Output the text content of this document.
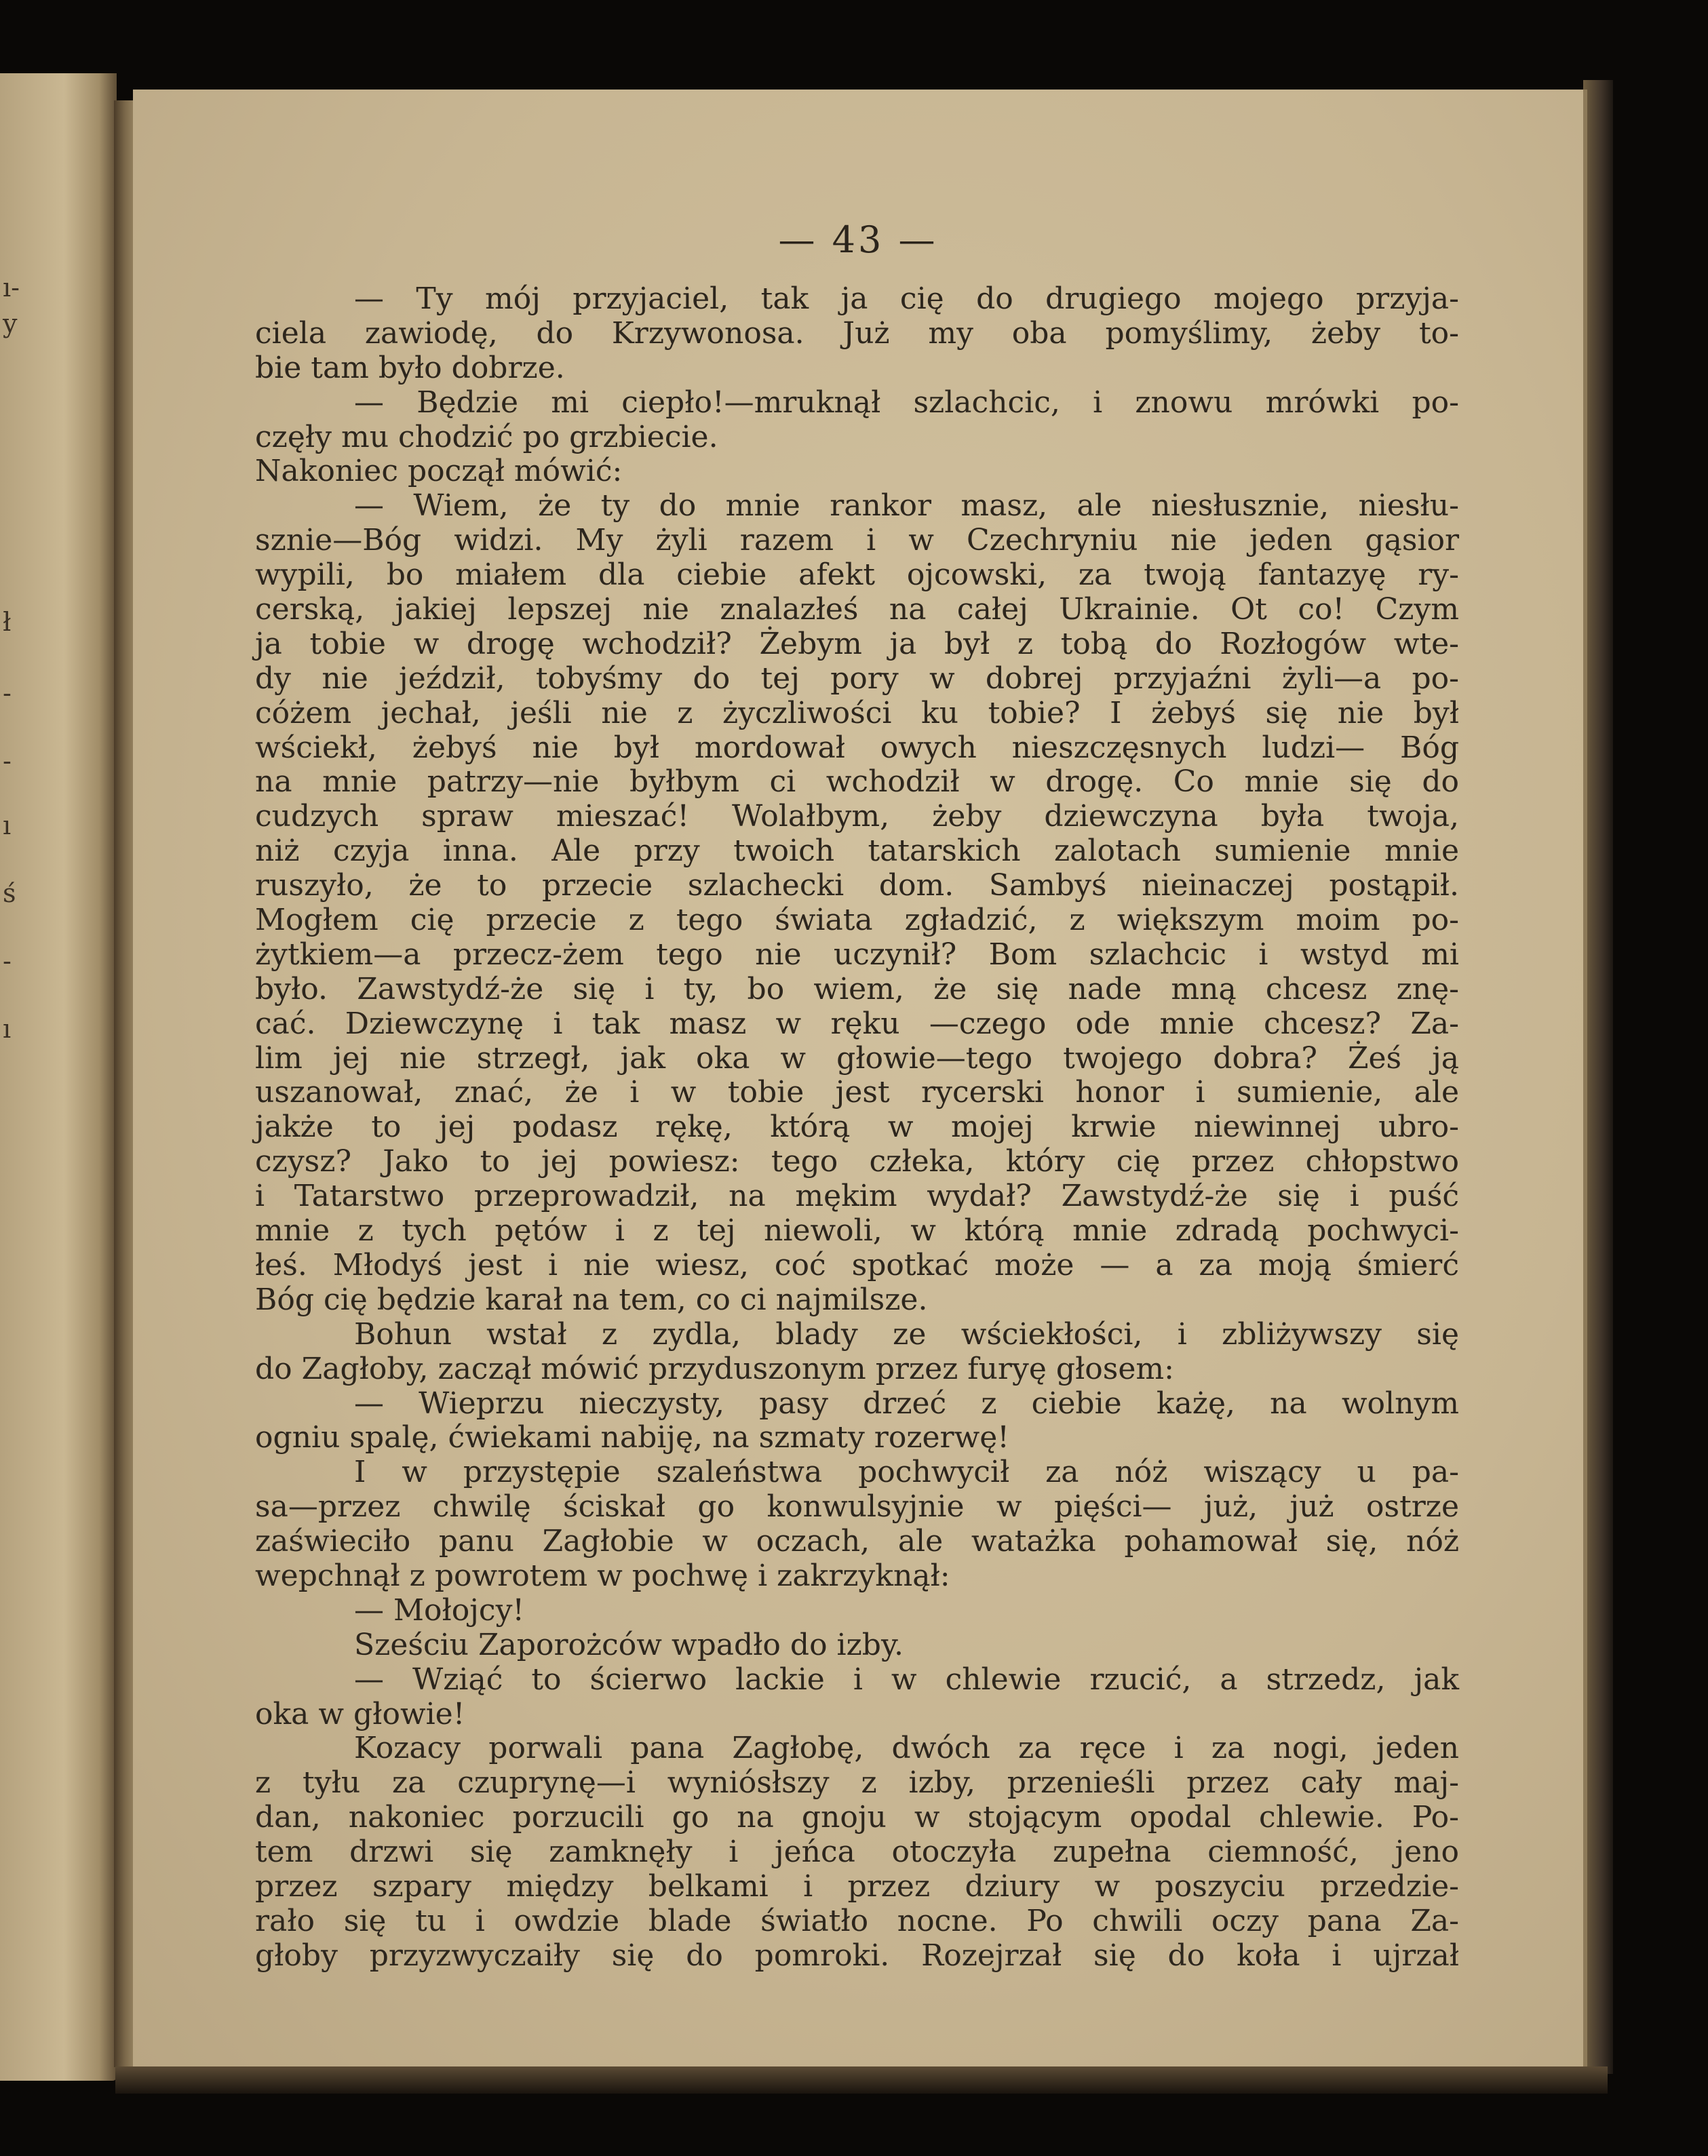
ı-
y
ł
-
-
ı
ś
-
ı
— 43 —
— Ty mój przyjaciel, tak ja cię do drugiego mojego przyja-
ciela zawiodę, do Krzywonosa. Już my oba pomyślimy, żeby to-
bie tam było dobrze.
— Będzie mi ciepło!—mruknął szlachcic, i znowu mrówki po-
częły mu chodzić po grzbiecie.
Nakoniec począł mówić:
— Wiem, że ty do mnie rankor masz, ale niesłusznie, niesłu-
sznie—Bóg widzi. My żyli razem i w Czechryniu nie jeden gąsior
wypili, bo miałem dla ciebie afekt ojcowski, za twoją fantazyę ry-
cerską, jakiej lepszej nie znalazłeś na całej Ukrainie. Ot co! Czym
ja tobie w drogę wchodził? Żebym ja był z tobą do Rozłogów wte-
dy nie jeździł, tobyśmy do tej pory w dobrej przyjaźni żyli—a po-
cóżem jechał, jeśli nie z życzliwości ku tobie? I żebyś się nie był
wściekł, żebyś nie był mordował owych nieszczęsnych ludzi— Bóg
na mnie patrzy—nie byłbym ci wchodził w drogę. Co mnie się do
cudzych spraw mieszać! Wolałbym, żeby dziewczyna była twoja,
niż czyja inna. Ale przy twoich tatarskich zalotach sumienie mnie
ruszyło, że to przecie szlachecki dom. Sambyś nieinaczej postąpił.
Mogłem cię przecie z tego świata zgładzić, z większym moim po-
żytkiem—a przecz-żem tego nie uczynił? Bom szlachcic i wstyd mi
było. Zawstydź-że się i ty, bo wiem, że się nade mną chcesz znę-
cać. Dziewczynę i tak masz w ręku —czego ode mnie chcesz? Za-
lim jej nie strzegł, jak oka w głowie—tego twojego dobra? Żeś ją
uszanował, znać, że i w tobie jest rycerski honor i sumienie, ale
jakże to jej podasz rękę, którą w mojej krwie niewinnej ubro-
czysz? Jako to jej powiesz: tego człeka, który cię przez chłopstwo
i Tatarstwo przeprowadził, na mękim wydał? Zawstydź-że się i puść
mnie z tych pętów i z tej niewoli, w którą mnie zdradą pochwyci-
łeś. Młodyś jest i nie wiesz, coć spotkać może — a za moją śmierć
Bóg cię będzie karał na tem, co ci najmilsze.
Bohun wstał z zydla, blady ze wściekłości, i zbliżywszy się
do Zagłoby, zaczął mówić przyduszonym przez furyę głosem:
— Wieprzu nieczysty, pasy drzeć z ciebie każę, na wolnym
ogniu spalę, ćwiekami nabiję, na szmaty rozerwę!
I w przystępie szaleństwa pochwycił za nóż wiszący u pa-
sa—przez chwilę ściskał go konwulsyjnie w pięści— już, już ostrze
zaświeciło panu Zagłobie w oczach, ale watażka pohamował się, nóż
wepchnął z powrotem w pochwę i zakrzyknął:
— Mołojcy!
Sześciu Zaporożców wpadło do izby.
— Wziąć to ścierwo lackie i w chlewie rzucić, a strzedz, jak
oka w głowie!
Kozacy porwali pana Zagłobę, dwóch za ręce i za nogi, jeden
z tyłu za czuprynę—i wyniósłszy z izby, przenieśli przez cały maj-
dan, nakoniec porzucili go na gnoju w stojącym opodal chlewie. Po-
tem drzwi się zamknęły i jeńca otoczyła zupełna ciemność, jeno
przez szpary między belkami i przez dziury w poszyciu przedzie-
rało się tu i owdzie blade światło nocne. Po chwili oczy pana Za-
głoby przyzwyczaiły się do pomroki. Rozejrzał się do koła i ujrzał
